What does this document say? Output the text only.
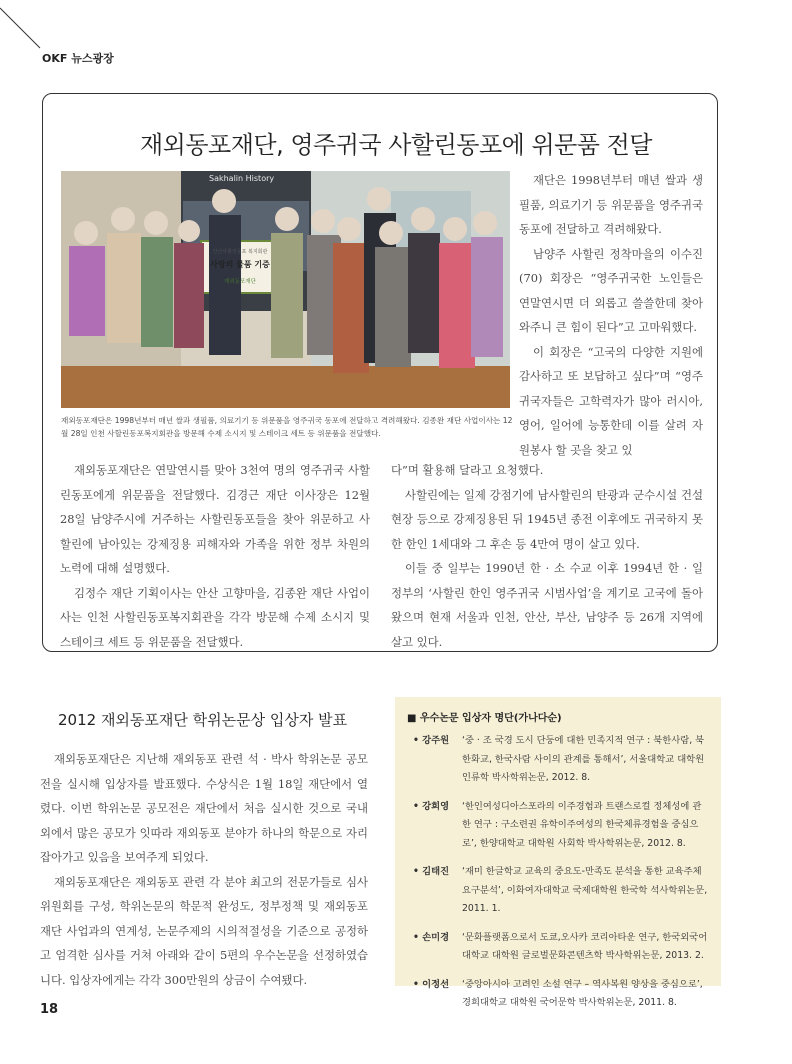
OKF 뉴스광장
재외동포재단, 영주귀국 사할린동포에 위문품 전달
Sakhalin History
안산사할린동포 복지회관
사랑의 물품 기증
재외동포재단
재외동포재단은 1998년부터 매년 쌀과 생필품, 의료기기 등 위문품을 영주귀국 동포에 전달하고 격려해왔다. 김종완 재단 사업이사는 12월 28일 인천 사할린동포복지회관을 방문해 수제 소시지 및 스테이크 세트 등 위문품을 전달했다.

재단은 1998년부터 매년 쌀과 생필품, 의료기기 등 위문품을 영주귀국 동포에 전달하고 격려해왔다.

남양주 사할린 정착마을의 이수진(70) 회장은 “영주귀국한 노인들은 연말연시면 더 외롭고 쓸쓸한데 찾아와주니 큰 힘이 된다”고 고마워했다.

이 회장은 “고국의 다양한 지원에 감사하고 또 보답하고 싶다”며 “영주 귀국자들은 고학력자가 많아 러시아, 영어, 일어에 능통한데 이를 살려 자원봉사 할 곳을 찾고 있

재외동포재단은 연말연시를 맞아 3천여 명의 영주귀국 사할린동포에게 위문품을 전달했다. 김경근 재단 이사장은 12월 28일 남양주시에 거주하는 사할린동포들을 찾아 위문하고 사할린에 남아있는 강제징용 피해자와 가족을 위한 정부 차원의 노력에 대해 설명했다.

김정수 재단 기획이사는 안산 고향마을, 김종완 재단 사업이사는 인천 사할린동포복지회관을 각각 방문해 수제 소시지 및 스테이크 세트 등 위문품을 전달했다.

다”며 활용해 달라고 요청했다.

사할린에는 일제 강점기에 남사할린의 탄광과 군수시설 건설 현장 등으로 강제징용된 뒤 1945년 종전 이후에도 귀국하지 못한 한인 1세대와 그 후손 등 4만여 명이 살고 있다.

이들 중 일부는 1990년 한 · 소 수교 이후 1994년 한 · 일 정부의 ‘사할린 한인 영주귀국 시범사업’을 계기로 고국에 돌아왔으며 현재 서울과 인천, 안산, 부산, 남양주 등 26개 지역에 살고 있다.

2012 재외동포재단 학위논문상 입상자 발표

재외동포재단은 지난해 재외동포 관련 석 · 박사 학위논문 공모전을 실시해 입상자를 발표했다. 수상식은 1월 18일 재단에서 열렸다. 이번 학위논문 공모전은 재단에서 처음 실시한 것으로 국내외에서 많은 공모가 잇따라 재외동포 분야가 하나의 학문으로 자리잡아가고 있음을 보여주게 되었다.

재외동포재단은 재외동포 관련 각 분야 최고의 전문가들로 심사위원회를 구성, 학위논문의 학문적 완성도, 정부정책 및 재외동포재단 사업과의 연계성, 논문주제의 시의적절성을 기준으로 공정하고 엄격한 심사를 거쳐 아래와 같이 5편의 우수논문을 선정하였습니다. 입상자에게는 각각 300만원의 상금이 수여됐다.

■ 우수논문 입상자 명단(가나다순)
• 강주원 ‘중 · 조 국경 도시 단둥에 대한 민족지적 연구 : 북한사람, 북한화교, 한국사람 사이의 관계를 통해서’, 서울대학교 대학원 인류학 박사학위논문, 2012. 8.
• 강희영 ‘한인여성디아스포라의 이주경험과 트랜스로컬 정체성에 관한 연구 : 구소련권 유학이주여성의 한국체류경험을 중심으로’, 한양대학교 대학원 사회학 박사학위논문, 2012. 8.
• 김태진 ‘재미 한글학교 교육의 중요도-만족도 분석을 통한 교육주체 요구분석’, 이화여자대학교 국제대학원 한국학 석사학위논문, 2011. 1.
• 손미경 ‘문화플랫폼으로서 도쿄,오사카 코리아타운 연구, 한국외국어대학교 대학원 글로벌문화콘텐츠학 박사학위논문, 2013. 2.
• 이정선 ‘중앙아시아 고려인 소설 연구 – 역사복원 양상을 중심으로’, 경희대학교 대학원 국어문학 박사학위논문, 2011. 8.
18
